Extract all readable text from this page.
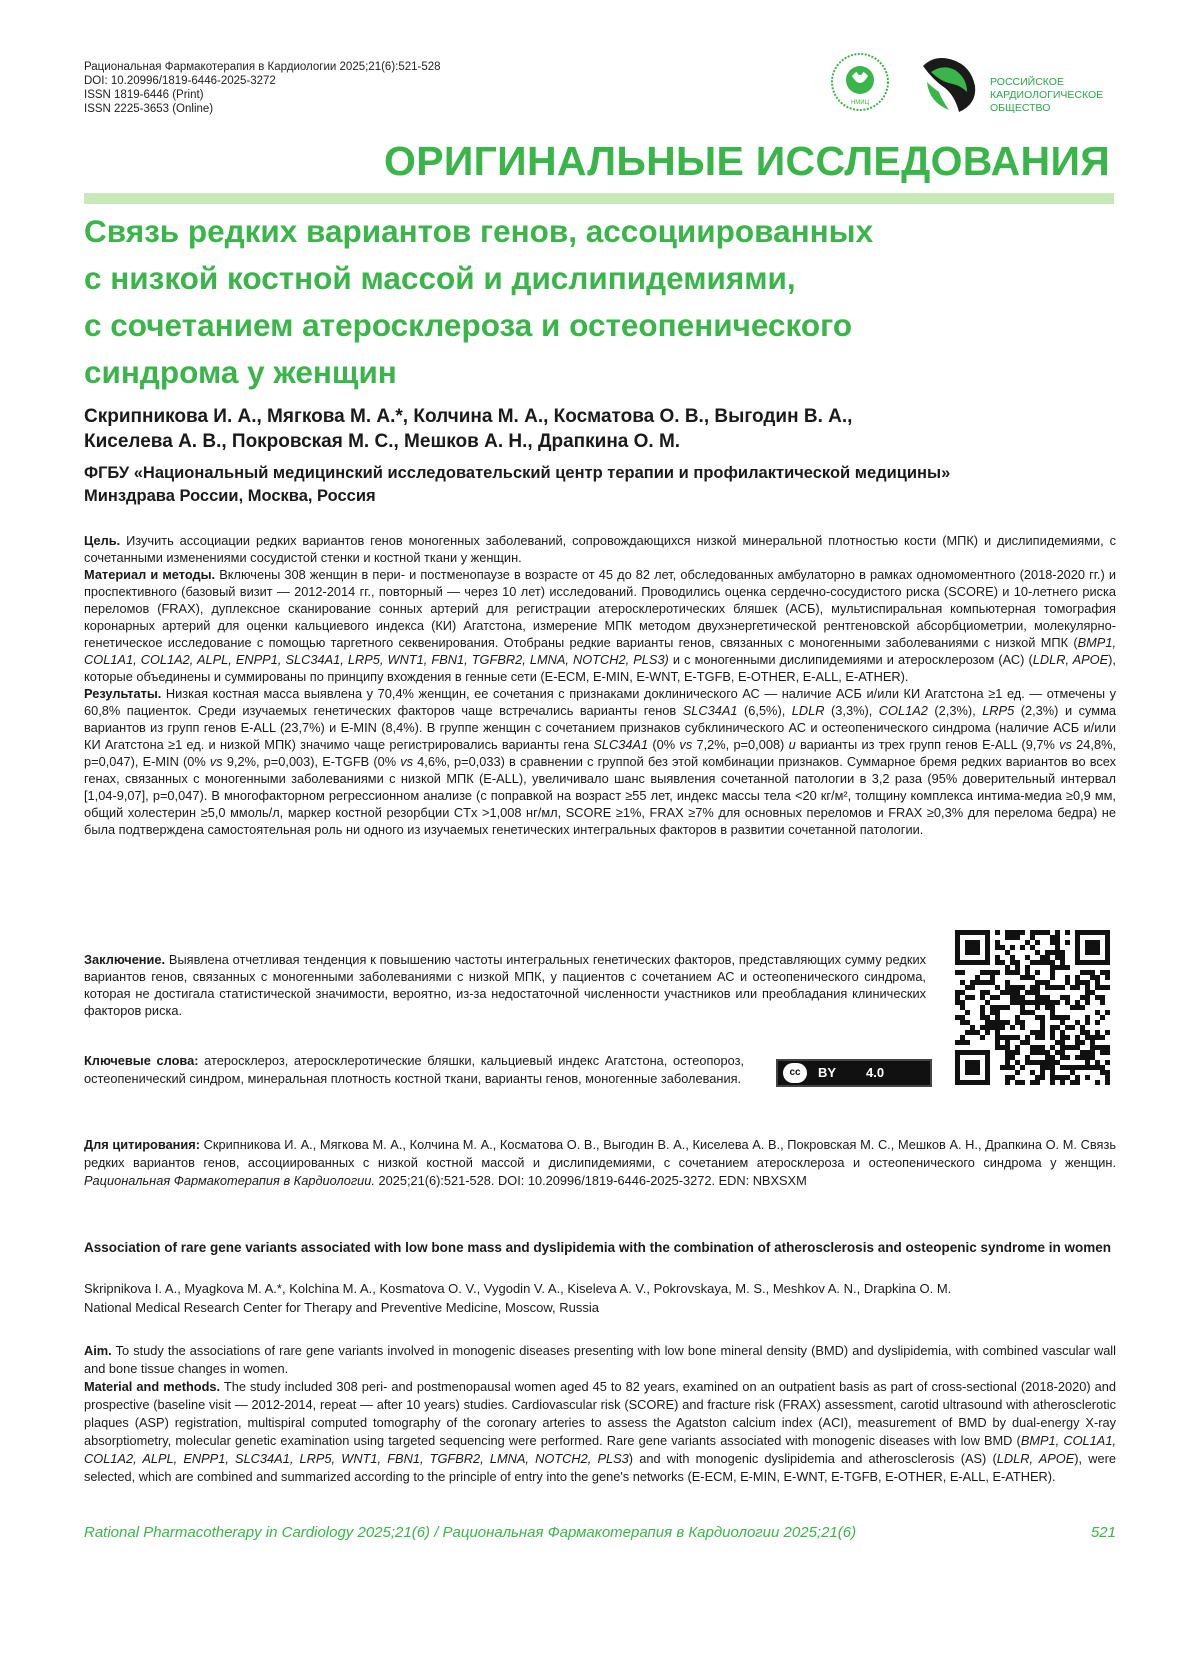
Рациональная Фармакотерапия в Кардиологии 2025;21(6):521-528
DOI: 10.20996/1819-6446-2025-3272
ISSN 1819-6446 (Print)
ISSN 2225-3653 (Online)	НМИЦ
РОССИЙСКОЕ
КАРДИОЛОГИЧЕСКОЕ
ОБЩЕСТВО
ОРИГИНАЛЬНЫЕ ИССЛЕДОВАНИЯ
Связь редких вариантов генов, ассоциированных
с низкой костной массой и дислипидемиями,
с сочетанием атеросклероза и остеопенического
синдрома у женщин
Скрипникова И. А., Мягкова М. А.*, Колчина М. А., Косматова О. В., Выгодин В. А.,
Киселева А. В., Покровская М. С., Мешков А. Н., Драпкина О. М.
ФГБУ «Национальный медицинский исследовательский центр терапии и профилактической медицины»
Минздрава России, Москва, Россия

Цель. Изучить ассоциации редких вариантов генов моногенных заболеваний, сопровождающихся низкой минеральной плотностью кости (МПК) и дислипидемиями, с сочетанными изменениями сосудистой стенки и костной ткани у женщин.

Материал и методы. Включены 308 женщин в пери- и постменопаузе в возрасте от 45 до 82 лет, обследованных амбулаторно в рамках одномоментного (2018-2020 гг.) и проспективного (базовый визит — 2012-2014 гг., повторный — через 10 лет) исследований. Проводились оценка сердечно-сосудистого риска (SCORE) и 10-летнего риска переломов (FRAX), дуплексное сканирование сонных артерий для регистрации атеросклеротических бляшек (АСБ), мультиспиральная компьютерная томография коронарных артерий для оценки кальциевого индекса (КИ) Агатстона, измерение МПК методом двухэнергетической рентгеновской абсорбциометрии, молекулярно-генетическое исследование с помощью таргетного секвенирования. Отобраны редкие варианты генов, связанных с моногенными заболеваниями с низкой МПК (BMP1, COL1A1, COL1A2, ALPL, ENPP1, SLC34A1, LRP5, WNT1, FBN1, TGFBR2, LMNA, NOTCH2, PLS3) и с моногенными дислипидемиями и атеросклерозом (АС) (LDLR, APOE), которые объединены и суммированы по принципу вхождения в генные сети (E-ECM, E-MIN, E-WNT, E-TGFB, E-OTHER, E-ALL, E-ATHER).

Результаты. Низкая костная масса выявлена у 70,4% женщин, ее сочетания с признаками доклинического АС — наличие АСБ и/или КИ Агатстона ≥1 ед. — отмечены у 60,8% пациенток. Среди изучаемых генетических факторов чаще встречались варианты генов SLC34A1 (6,5%), LDLR (3,3%), COL1A2 (2,3%), LRP5 (2,3%) и сумма вариантов из групп генов E-ALL (23,7%) и E-MIN (8,4%). В группе женщин с сочетанием признаков субклинического АС и остеопенического синдрома (наличие АСБ и/или КИ Агатстона ≥1 ед. и низкой МПК) значимо чаще регистрировались варианты гена SLC34A1 (0% vs 7,2%, p=0,008) и варианты из трех групп генов E-ALL (9,7% vs 24,8%, p=0,047), E-MIN (0% vs 9,2%, p=0,003), E-TGFB (0% vs 4,6%, p=0,033) в сравнении с группой без этой комбинации признаков. Суммарное бремя редких вариантов во всех генах, связанных с моногенными заболеваниями с низкой МПК (E-ALL), увеличивало шанс выявления сочетанной патологии в 3,2 раза (95% доверительный интервал [1,04-9,07], p=0,047). В многофакторном регрессионном анализе (с поправкой на возраст ≥55 лет, индекс массы тела <20 кг/м², толщину комплекса интима-медиа ≥0,9 мм, общий холестерин ≥5,0 ммоль/л, маркер костной резорбции CTx >1,008 нг/мл, SCORE ≥1%, FRAX ≥7% для основных переломов и FRAX ≥0,3% для перелома бедра) не была подтверждена самостоятельная роль ни одного из изучаемых генетических интегральных факторов в развитии сочетанной патологии.

Заключение. Выявлена отчетливая тенденция к повышению частоты интегральных генетических факторов, представляющих сумму редких вариантов генов, связанных с моногенными заболеваниями с низкой МПК, у пациентов с сочетанием АС и остеопенического синдрома, которая не достигала статистической значимости, вероятно, из-за недостаточной численности участников или преобладания клинических факторов риска.
Ключевые слова: атеросклероз, атеросклеротические бляшки, кальциевый индекс Агатстона, остеопороз, остеопенический синдром, минеральная плотность костной ткани, варианты генов, моногенные заболевания.	cc	BY 4.0
Для цитирования: Скрипникова И. А., Мягкова М. А., Колчина М. А., Косматова О. В., Выгодин В. А., Киселева А. В., Покровская М. С., Мешков А. Н., Драпкина О. М. Связь редких вариантов генов, ассоциированных с низкой костной массой и дислипидемиями, с сочетанием атеросклероза и остеопенического синдрома у женщин. Рациональная Фармакотерапия в Кардиологии. 2025;21(6):521-528. DOI: 10.20996/1819-6446-2025-3272. EDN: NBXSXM
Association of rare gene variants associated with low bone mass and dyslipidemia with the combination of atherosclerosis and osteopenic syndrome in women
Skripnikova I. A., Myagkova M. A.*, Kolchina M. A., Kosmatova O. V., Vygodin V. A., Kiseleva A. V., Pokrovskaya, M. S., Meshkov A. N., Drapkina O. M.
National Medical Research Center for Therapy and Preventive Medicine, Moscow, Russia

Aim. To study the associations of rare gene variants involved in monogenic diseases presenting with low bone mineral density (BMD) and dyslipidemia, with combined vascular wall and bone tissue changes in women.

Material and methods. The study included 308 peri- and postmenopausal women aged 45 to 82 years, examined on an outpatient basis as part of cross-sectional (2018-2020) and prospective (baseline visit — 2012-2014, repeat — after 10 years) studies. Cardiovascular risk (SCORE) and fracture risk (FRAX) assessment, carotid ultrasound with atherosclerotic plaques (ASP) registration, multispiral computed tomography of the coronary arteries to assess the Agatston calcium index (ACI), measurement of BMD by dual-energy X-ray absorptiometry, molecular genetic examination using targeted sequencing were performed. Rare gene variants associated with monogenic diseases with low BMD (BMP1, COL1A1, COL1A2, ALPL, ENPP1, SLC34A1, LRP5, WNT1, FBN1, TGFBR2, LMNA, NOTCH2, PLS3) and with monogenic dyslipidemia and atherosclerosis (AS) (LDLR, APOE), were selected, which are combined and summarized according to the principle of entry into the gene's networks (E-ECM, E-MIN, E-WNT, E-TGFB, E-OTHER, E-ALL, E-ATHER).

Rational Pharmacotherapy in Cardiology 2025;21(6) / Рациональная Фармакотерапия в Кардиологии 2025;21(6)	521
